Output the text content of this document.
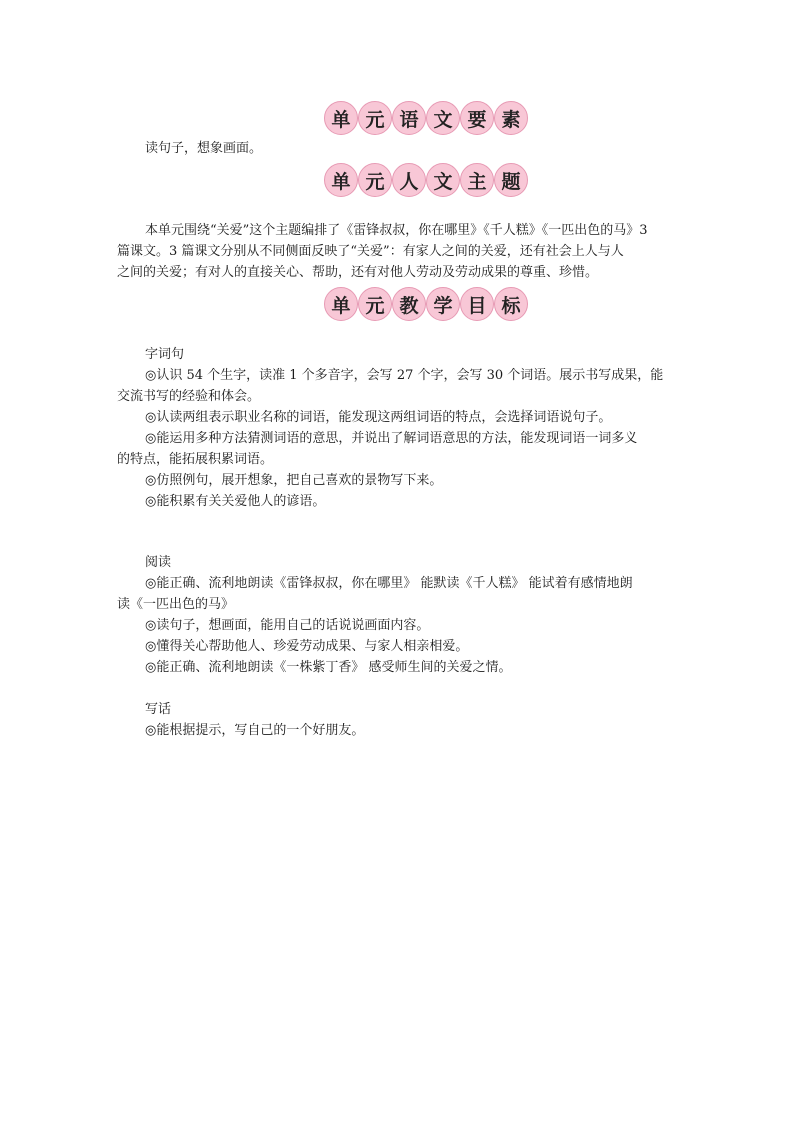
单 元 语 文 要 素
读句子，想象画面。
单 元 人 文 主 题
本单元围绕“关爱”这个主题编排了《雷锋叔叔，你在哪里》《千人糕》《一匹出色的马》3
篇课文。3 篇课文分别从不同侧面反映了“关爱”：有家人之间的关爱，还有社会上人与人
之间的关爱；有对人的直接关心、帮助，还有对他人劳动及劳动成果的尊重、珍惜。
单 元 教 学 目 标
字词句
◎认识 54 个生字，读准 1 个多音字，会写 27 个字，会写 30 个词语。展示书写成果，能
交流书写的经验和体会。
◎认读两组表示职业名称的词语，能发现这两组词语的特点，会选择词语说句子。
◎能运用多种方法猜测词语的意思，并说出了解词语意思的方法，能发现词语一词多义
的特点，能拓展积累词语。
◎仿照例句，展开想象，把自己喜欢的景物写下来。
◎能积累有关关爱他人的谚语。
阅读
◎能正确、流利地朗读《雷锋叔叔，你在哪里》 能默读《千人糕》 能试着有感情地朗
读《一匹出色的马》
◎读句子，想画面，能用自己的话说说画面内容。
◎懂得关心帮助他人、珍爱劳动成果、与家人相亲相爱。
◎能正确、流利地朗读《一株紫丁香》 感受师生间的关爱之情。
写话
◎能根据提示，写自己的一个好朋友。
